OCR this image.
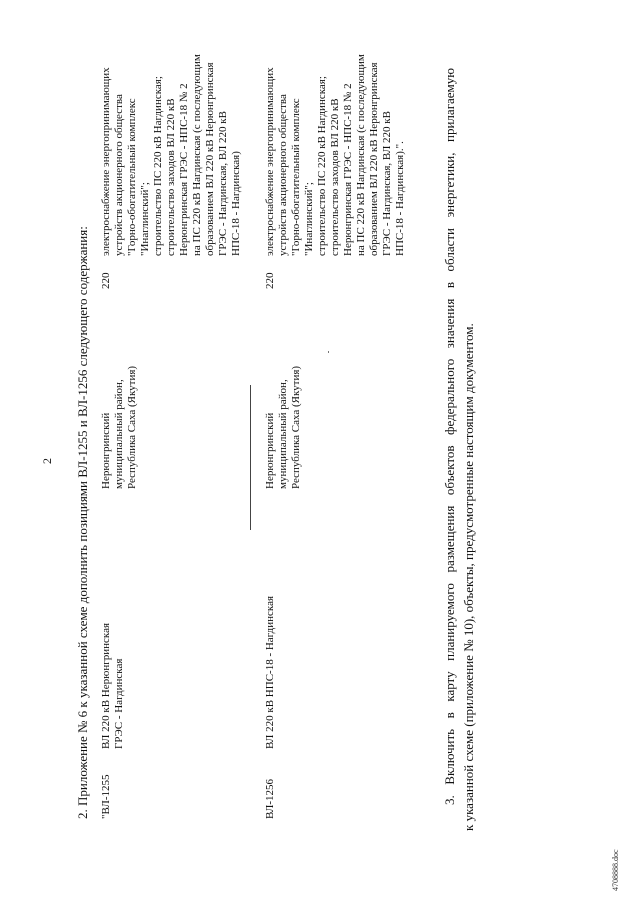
2 2. Приложение № 6 к указанной схеме дополнить позициями ВЛ-1255 и ВЛ-1256 следующего содержания: "ВЛ-1255
ВЛ 220 кВ Нерюнгринская ГРЭС - Нагдинская
Нерюнгринский муниципальный район, Республика Саха (Якутия)
220
электроснабжение энергопринимающих устройств акционерного общества "Горно-обогатительный комплекс "Инаглинский"; строительство ПС 220 кВ Нагдинская; строительство заходов ВЛ 220 кВ Нерюнгринская ГРЭС - НПС-18 № 2 на ПС 220 кВ Нагдинская (с последующим образованием ВЛ 220 кВ Нерюнгринская ГРЭС - Нагдинская, ВЛ 220 кВ НПС-18 - Нагдинская)
ВЛ-1256
ВЛ 220 кВ НПС-18 - Нагдинская
Нерюнгринский муниципальный район, Республика Саха (Якутия)
220
электроснабжение энергопринимающих устройств акционерного общества "Горно-обогатительный комплекс "Инаглинский"; строительство ПС 220 кВ Нагдинская; строительство заходов ВЛ 220 кВ Нерюнгринская ГРЭС - НПС-18 № 2 на ПС 220 кВ Нагдинская (с последующим образованием ВЛ 220 кВ Нерюнгринская ГРЭС - Нагдинская, ВЛ 220 кВ НПС-18 - Нагдинская).".	3. Включить в карту планируемого размещения объектов федерального значения в области энергетики, прилагаемую к указанной схеме (приложение № 10), объекты, предусмотренные настоящим документом.
4708888.doc
